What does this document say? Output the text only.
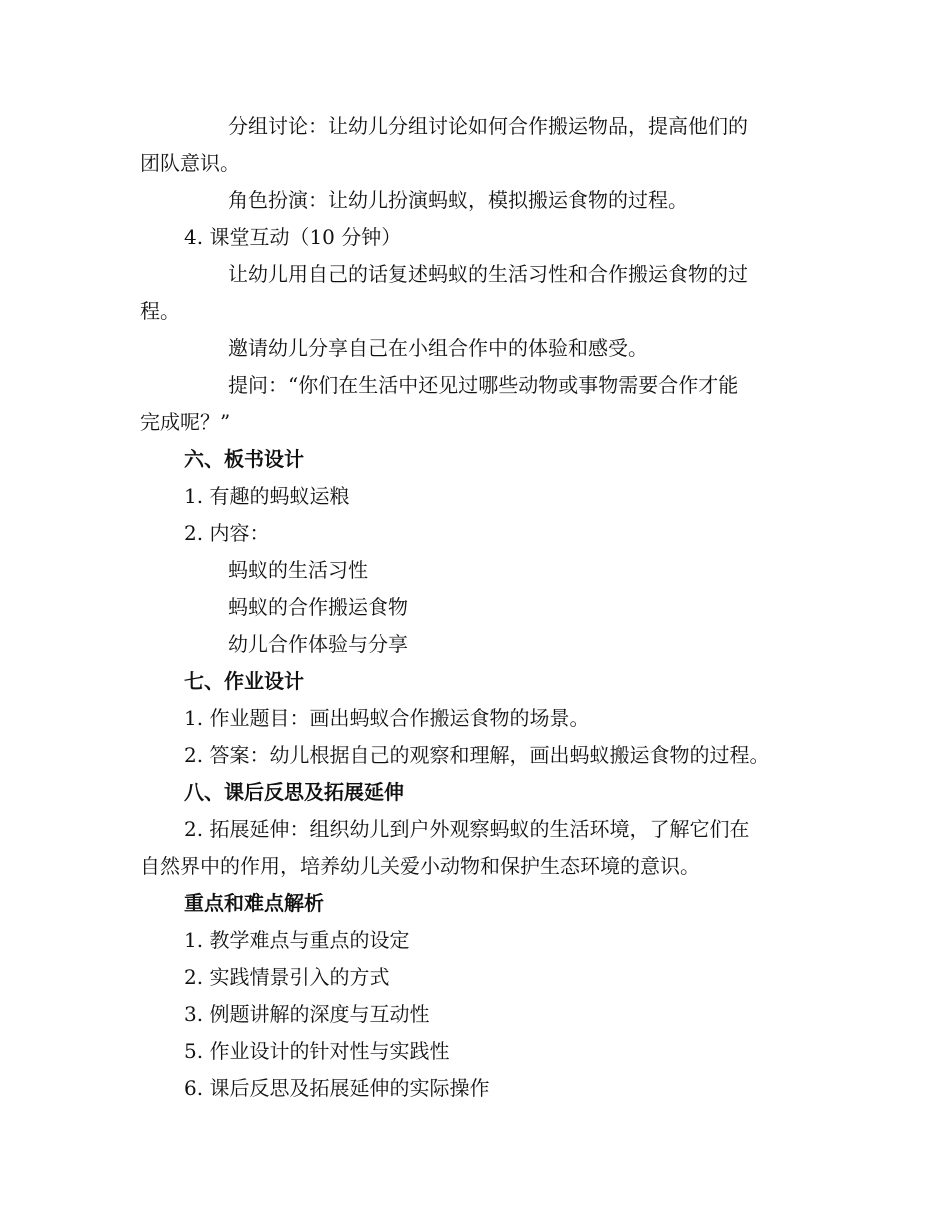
分组讨论：让幼儿分组讨论如何合作搬运物品，提高他们的
团队意识。
角色扮演：让幼儿扮演蚂蚁，模拟搬运食物的过程。
4. 课堂互动（10 分钟）
让幼儿用自己的话复述蚂蚁的生活习性和合作搬运食物的过
程。
邀请幼儿分享自己在小组合作中的体验和感受。
提问：“你们在生活中还见过哪些动物或事物需要合作才能
完成呢？”
六、板书设计
1. 有趣的蚂蚁运粮
2. 内容：
蚂蚁的生活习性
蚂蚁的合作搬运食物
幼儿合作体验与分享
七、作业设计
1. 作业题目：画出蚂蚁合作搬运食物的场景。
2. 答案：幼儿根据自己的观察和理解，画出蚂蚁搬运食物的过程。
八、课后反思及拓展延伸
2. 拓展延伸：组织幼儿到户外观察蚂蚁的生活环境，了解它们在
自然界中的作用，培养幼儿关爱小动物和保护生态环境的意识。
重点和难点解析
1. 教学难点与重点的设定
2. 实践情景引入的方式
3. 例题讲解的深度与互动性
5. 作业设计的针对性与实践性
6. 课后反思及拓展延伸的实际操作
